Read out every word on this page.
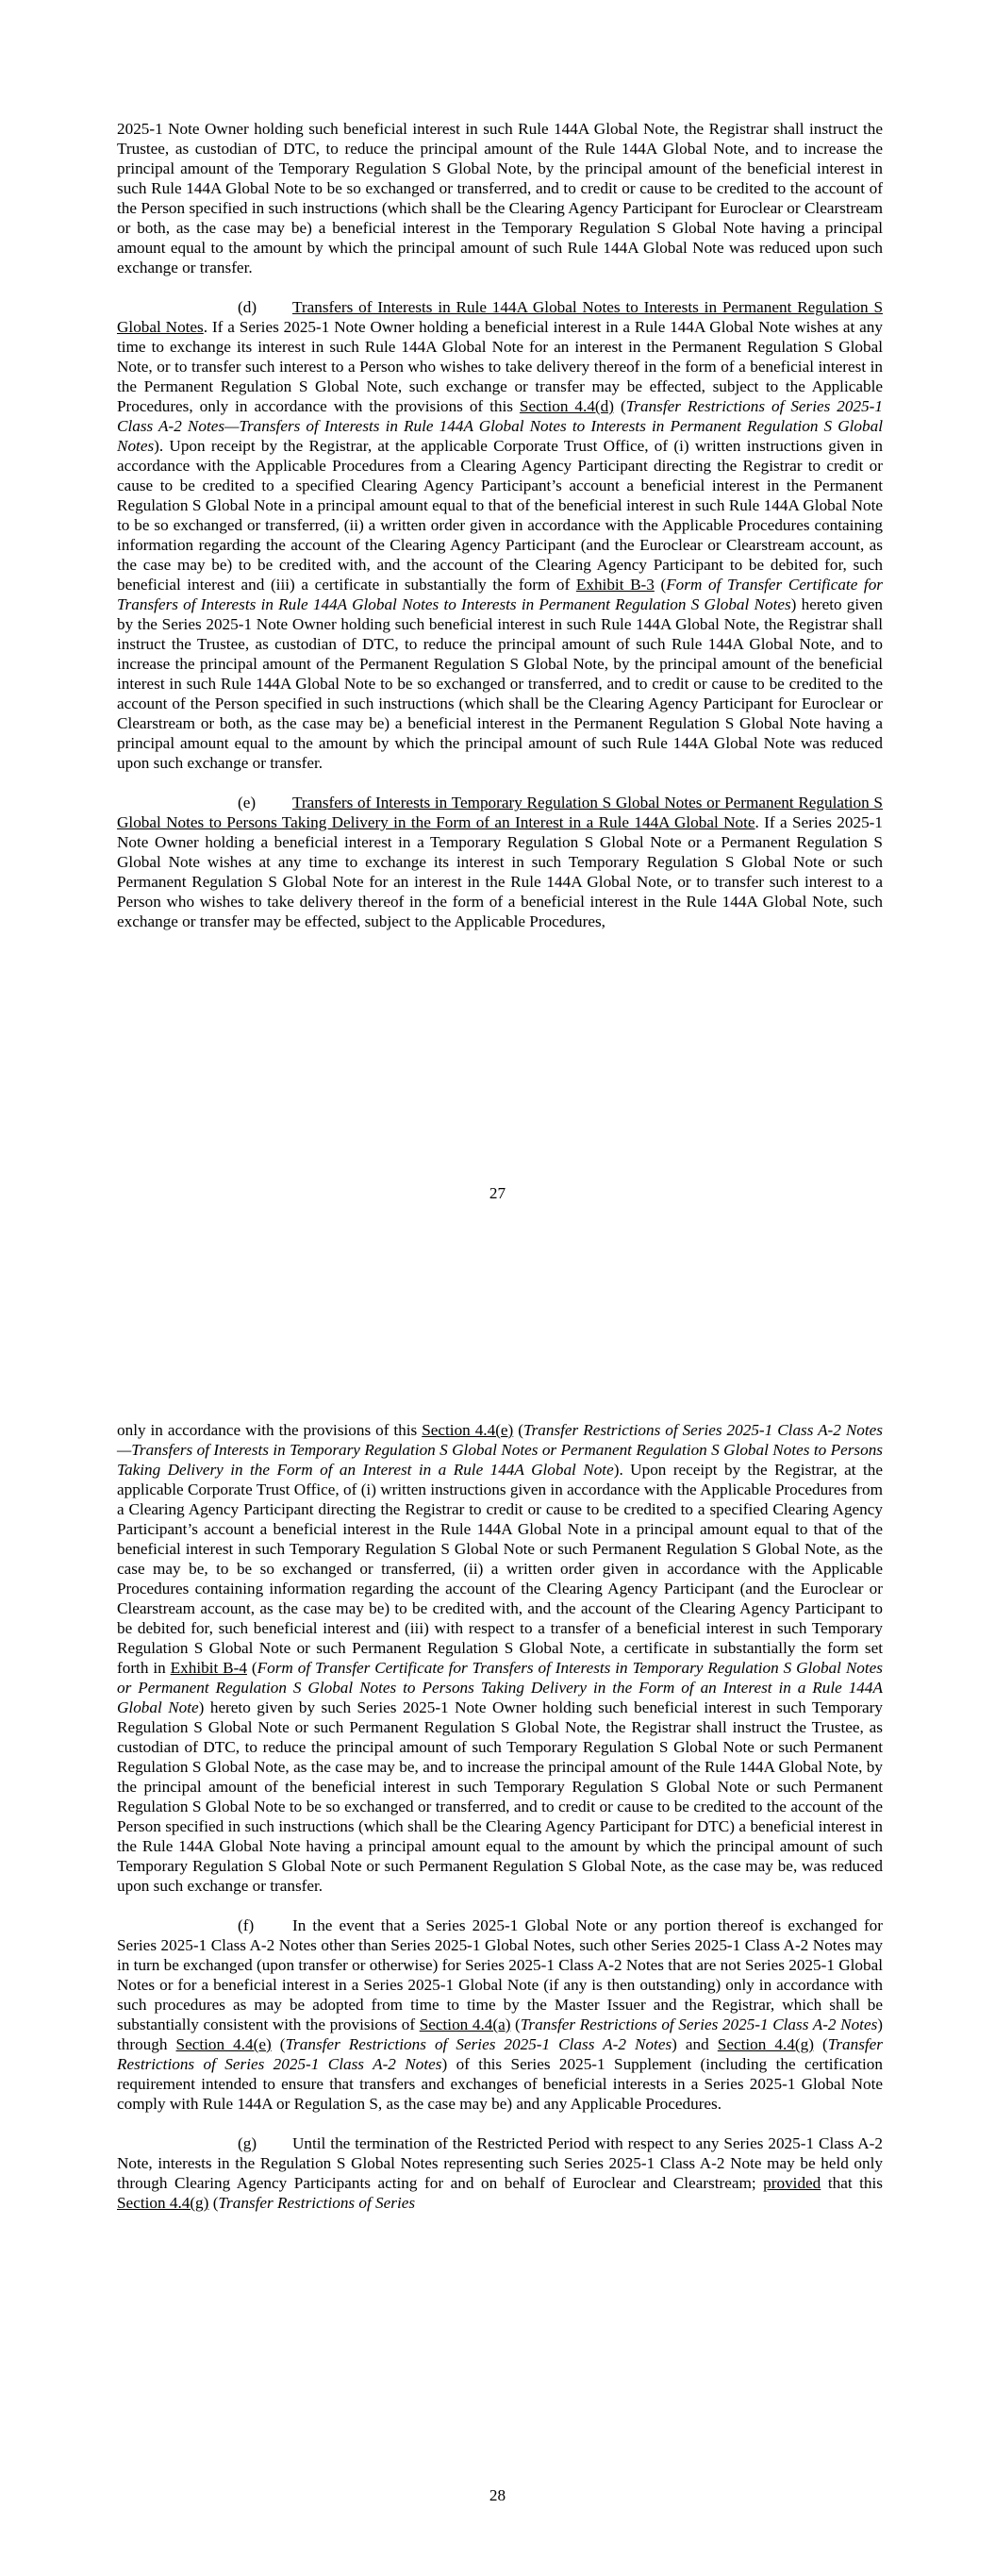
2025-1 Note Owner holding such beneficial interest in such Rule 144A Global Note, the Registrar shall instruct the Trustee, as custodian of DTC, to reduce the principal amount of the Rule 144A Global Note, and to increase the principal amount of the Temporary Regulation S Global Note, by the principal amount of the beneficial interest in such Rule 144A Global Note to be so exchanged or transferred, and to credit or cause to be credited to the account of the Person specified in such instructions (which shall be the Clearing Agency Participant for Euroclear or Clearstream or both, as the case may be) a beneficial interest in the Temporary Regulation S Global Note having a principal amount equal to the amount by which the principal amount of such Rule 144A Global Note was reduced upon such exchange or transfer.

(d) Transfers of Interests in Rule 144A Global Notes to Interests in Permanent Regulation S Global Notes. If a Series 2025-1 Note Owner holding a beneficial interest in a Rule 144A Global Note wishes at any time to exchange its interest in such Rule 144A Global Note for an interest in the Permanent Regulation S Global Note, or to transfer such interest to a Person who wishes to take delivery thereof in the form of a beneficial interest in the Permanent Regulation S Global Note, such exchange or transfer may be effected, subject to the Applicable Procedures, only in accordance with the provisions of this Section 4.4(d) (Transfer Restrictions of Series 2025-1 Class A-2 Notes—Transfers of Interests in Rule 144A Global Notes to Interests in Permanent Regulation S Global Notes). Upon receipt by the Registrar, at the applicable Corporate Trust Office, of (i) written instructions given in accordance with the Applicable Procedures from a Clearing Agency Participant directing the Registrar to credit or cause to be credited to a specified Clearing Agency Participant’s account a beneficial interest in the Permanent Regulation S Global Note in a principal amount equal to that of the beneficial interest in such Rule 144A Global Note to be so exchanged or transferred, (ii) a written order given in accordance with the Applicable Procedures containing information regarding the account of the Clearing Agency Participant (and the Euroclear or Clearstream account, as the case may be) to be credited with, and the account of the Clearing Agency Participant to be debited for, such beneficial interest and (iii) a certificate in substantially the form of Exhibit B-3 (Form of Transfer Certificate for Transfers of Interests in Rule 144A Global Notes to Interests in Permanent Regulation S Global Notes) hereto given by the Series 2025-1 Note Owner holding such beneficial interest in such Rule 144A Global Note, the Registrar shall instruct the Trustee, as custodian of DTC, to reduce the principal amount of such Rule 144A Global Note, and to increase the principal amount of the Permanent Regulation S Global Note, by the principal amount of the beneficial interest in such Rule 144A Global Note to be so exchanged or transferred, and to credit or cause to be credited to the account of the Person specified in such instructions (which shall be the Clearing Agency Participant for Euroclear or Clearstream or both, as the case may be) a beneficial interest in the Permanent Regulation S Global Note having a principal amount equal to the amount by which the principal amount of such Rule 144A Global Note was reduced upon such exchange or transfer.

(e) Transfers of Interests in Temporary Regulation S Global Notes or Permanent Regulation S Global Notes to Persons Taking Delivery in the Form of an Interest in a Rule 144A Global Note. If a Series 2025-1 Note Owner holding a beneficial interest in a Temporary Regulation S Global Note or a Permanent Regulation S Global Note wishes at any time to exchange its interest in such Temporary Regulation S Global Note or such Permanent Regulation S Global Note for an interest in the Rule 144A Global Note, or to transfer such interest to a Person who wishes to take delivery thereof in the form of a beneficial interest in the Rule 144A Global Note, such exchange or transfer may be effected, subject to the Applicable Procedures,

27

only in accordance with the provisions of this Section 4.4(e) (Transfer Restrictions of Series 2025-1 Class A-2 Notes—Transfers of Interests in Temporary Regulation S Global Notes or Permanent Regulation S Global Notes to Persons Taking Delivery in the Form of an Interest in a Rule 144A Global Note). Upon receipt by the Registrar, at the applicable Corporate Trust Office, of (i) written instructions given in accordance with the Applicable Procedures from a Clearing Agency Participant directing the Registrar to credit or cause to be credited to a specified Clearing Agency Participant’s account a beneficial interest in the Rule 144A Global Note in a principal amount equal to that of the beneficial interest in such Temporary Regulation S Global Note or such Permanent Regulation S Global Note, as the case may be, to be so exchanged or transferred, (ii) a written order given in accordance with the Applicable Procedures containing information regarding the account of the Clearing Agency Participant (and the Euroclear or Clearstream account, as the case may be) to be credited with, and the account of the Clearing Agency Participant to be debited for, such beneficial interest and (iii) with respect to a transfer of a beneficial interest in such Temporary Regulation S Global Note or such Permanent Regulation S Global Note, a certificate in substantially the form set forth in Exhibit B-4 (Form of Transfer Certificate for Transfers of Interests in Temporary Regulation S Global Notes or Permanent Regulation S Global Notes to Persons Taking Delivery in the Form of an Interest in a Rule 144A Global Note) hereto given by such Series 2025-1 Note Owner holding such beneficial interest in such Temporary Regulation S Global Note or such Permanent Regulation S Global Note, the Registrar shall instruct the Trustee, as custodian of DTC, to reduce the principal amount of such Temporary Regulation S Global Note or such Permanent Regulation S Global Note, as the case may be, and to increase the principal amount of the Rule 144A Global Note, by the principal amount of the beneficial interest in such Temporary Regulation S Global Note or such Permanent Regulation S Global Note to be so exchanged or transferred, and to credit or cause to be credited to the account of the Person specified in such instructions (which shall be the Clearing Agency Participant for DTC) a beneficial interest in the Rule 144A Global Note having a principal amount equal to the amount by which the principal amount of such Temporary Regulation S Global Note or such Permanent Regulation S Global Note, as the case may be, was reduced upon such exchange or transfer.

(f) In the event that a Series 2025-1 Global Note or any portion thereof is exchanged for Series 2025-1 Class A-2 Notes other than Series 2025-1 Global Notes, such other Series 2025-1 Class A-2 Notes may in turn be exchanged (upon transfer or otherwise) for Series 2025-1 Class A-2 Notes that are not Series 2025-1 Global Notes or for a beneficial interest in a Series 2025-1 Global Note (if any is then outstanding) only in accordance with such procedures as may be adopted from time to time by the Master Issuer and the Registrar, which shall be substantially consistent with the provisions of Section 4.4(a) (Transfer Restrictions of Series 2025-1 Class A-2 Notes) through Section 4.4(e) (Transfer Restrictions of Series 2025-1 Class A-2 Notes) and Section 4.4(g) (Transfer Restrictions of Series 2025-1 Class A-2 Notes) of this Series 2025-1 Supplement (including the certification requirement intended to ensure that transfers and exchanges of beneficial interests in a Series 2025-1 Global Note comply with Rule 144A or Regulation S, as the case may be) and any Applicable Procedures.

(g) Until the termination of the Restricted Period with respect to any Series 2025-1 Class A-2 Note, interests in the Regulation S Global Notes representing such Series 2025-1 Class A-2 Note may be held only through Clearing Agency Participants acting for and on behalf of Euroclear and Clearstream; provided that this Section 4.4(g) (Transfer Restrictions of Series

28
